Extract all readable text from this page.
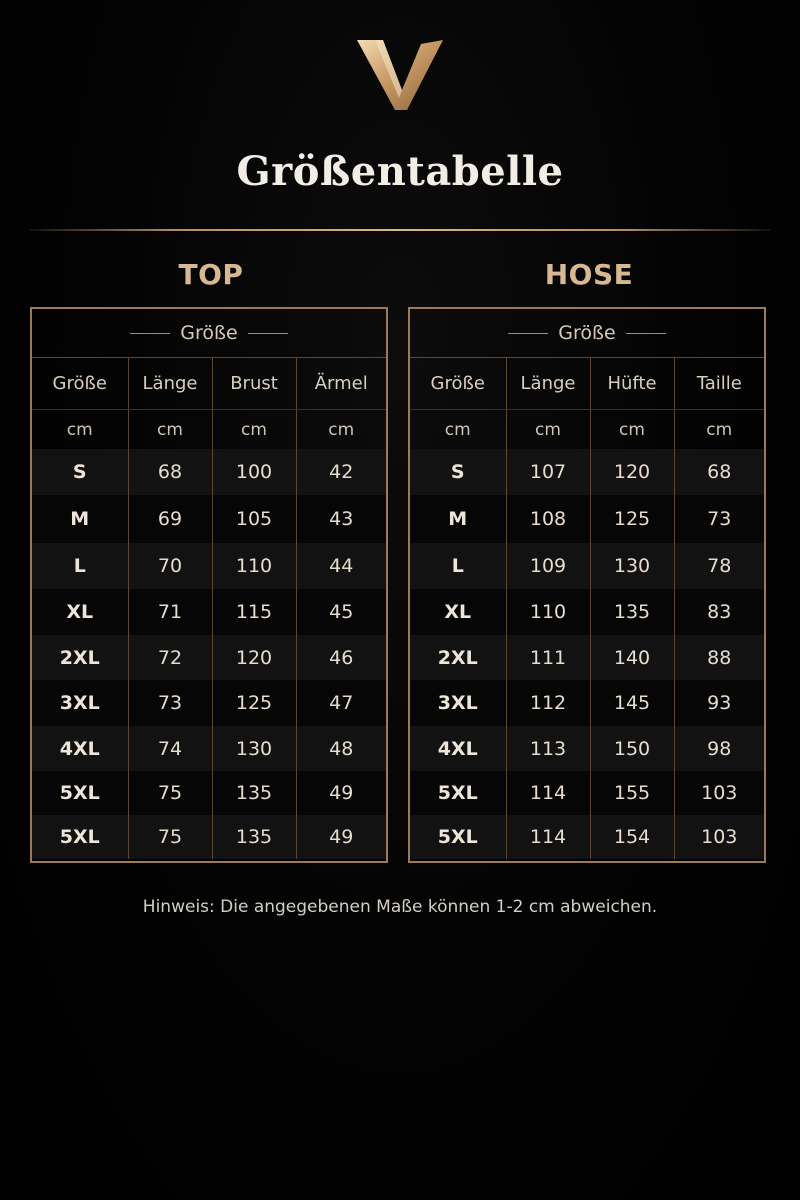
Größentabelle
TOP	HOSE
Größe
Größe	Länge	Brust	Ärmel
cm	cm	cm	cm
S	68	100	42
M	69	105	43
L	70	110	44
XL	71	115	45
2XL	72	120	46
3XL	73	125	47
4XL	74	130	48
5XL	75	135	49
5XL	75	135	49
Größe
Größe	Länge	Hüfte	Taille
cm	cm	cm	cm
S	107	120	68
M	108	125	73
L	109	130	78
XL	110	135	83
2XL	111	140	88
3XL	112	145	93
4XL	113	150	98
5XL	114	155	103
5XL	114	154	103
Hinweis: Die angegebenen Maße können 1-2 cm abweichen.
